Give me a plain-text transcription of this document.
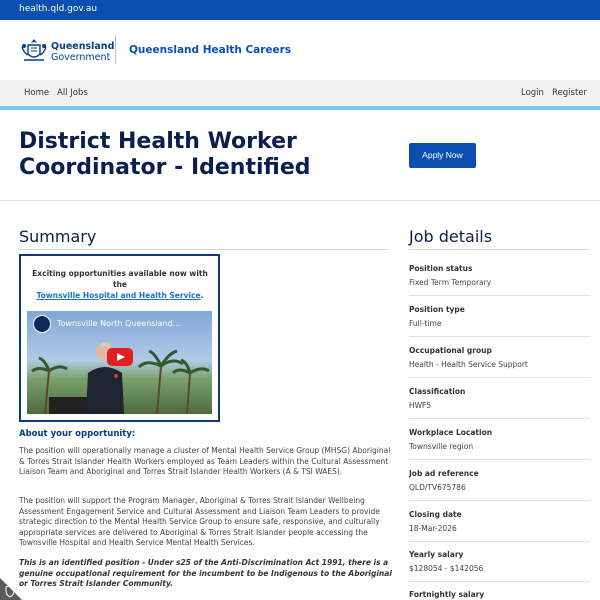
health.qld.gov.au
Queensland
Government
Queensland Health Careers
Home All Jobs	Login Register
District Health Worker Coordinator - Identified	Apply Now
Summary
Exciting opportunities available now with the
Townsville Hospital and Health Service.
Townsville North Queensland...
About your opportunity:

The position will operationally manage a cluster of Mental Health Service Group (MHSG) Aboriginal & Torres Strait Islander Health Workers employed as Team Leaders within the Cultural Assessment Liaison Team and Aboriginal and Torres Strait Islander Health Workers (A & TSI WAES).

The position will support the Program Manager, Aboriginal & Torres Strait Islander Wellbeing Assessment Engagement Service and Cultural Assessment and Liaison Team Leaders to provide strategic direction to the Mental Health Service Group to ensure safe, responsive, and culturally appropriate services are delivered to Aboriginal & Torres Strait Islander people accessing the Townsville Hospital and Health Service Mental Health Services.

This is an identified position - Under s25 of the Anti-Discrimination Act 1991, there is a genuine occupational requirement for the incumbent to be Indigenous to the Aboriginal or Torres Strait Islander Community.

Job details
Position status
Fixed Term Temporary
Position type
Full-time
Occupational group
Health - Health Service Support
Classification
HWF5
Workplace Location
Townsville region
Job ad reference
QLD/TV675786
Closing date
18-Mar-2026
Yearly salary
$128054 - $142056
Fortnightly salary
